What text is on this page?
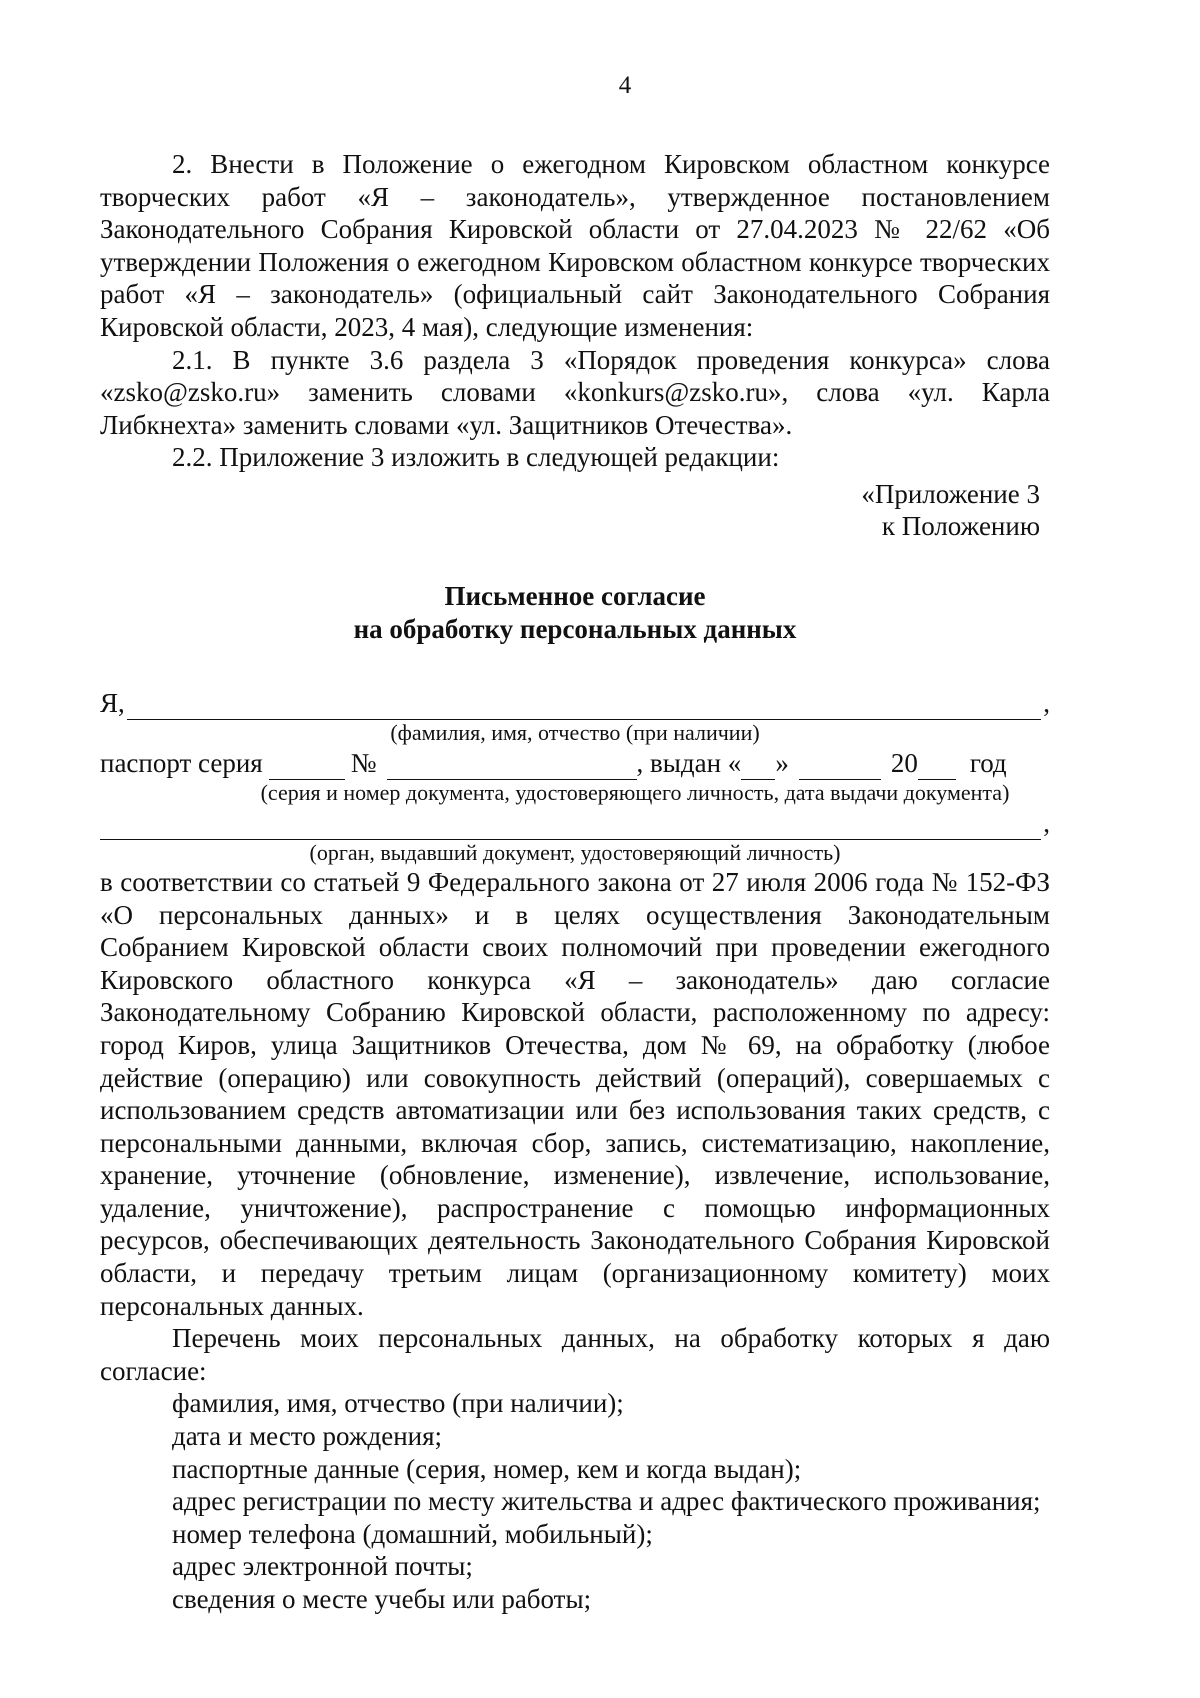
4

2. Внести в Положение о ежегодном Кировском областном конкурсе творческих работ «Я – законодатель», утвержденное постановлением Законодательного Собрания Кировской области от 27.04.2023 № 22/62 «Об утверждении Положения о ежегодном Кировском областном конкурсе творческих работ «Я – законодатель» (официальный сайт Законодательного Собрания Кировской области, 2023, 4 мая), следующие изменения:

2.1. В пункте 3.6 раздела 3 «Порядок проведения конкурса» слова «zsko@zsko.ru» заменить словами «konkurs@zsko.ru», слова «ул. Карла Либкнехта» заменить словами «ул. Защитников Отечества».

2.2. Приложение 3 изложить в следующей редакции:

«Приложение 3
к Положению
Письменное согласие
на обработку персональных данных
Я,	,
(фамилия, имя, отчество (при наличии)
паспорт серия	№	, выдан « »	20 год
(серия и номер документа, удостоверяющего личность, дата выдачи документа)
,
(орган, выдавший документ, удостоверяющий личность)

в соответствии со статьей 9 Федерального закона от 27 июля 2006 года № 152-ФЗ «О персональных данных» и в целях осуществления Законодательным Собранием Кировской области своих полномочий при проведении ежегодного Кировского областного конкурса «Я – законодатель» даю согласие Законодательному Собранию Кировской области, расположенному по адресу: город Киров, улица Защитников Отечества, дом № 69, на обработку (любое действие (операцию) или совокупность действий (операций), совершаемых с использованием средств автоматизации или без использования таких средств, с персональными данными, включая сбор, запись, систематизацию, накопление, хранение, уточнение (обновление, изменение), извлечение, использование, удаление, уничтожение), распространение с помощью информационных ресурсов, обеспечивающих деятельность Законодательного Собрания Кировской области, и передачу третьим лицам (организационному комитету) моих персональных данных.

Перечень моих персональных данных, на обработку которых я даю согласие:

фамилия, имя, отчество (при наличии);

дата и место рождения;

паспортные данные (серия, номер, кем и когда выдан);

адрес регистрации по месту жительства и адрес фактического проживания;

номер телефона (домашний, мобильный);

адрес электронной почты;

сведения о месте учебы или работы;
